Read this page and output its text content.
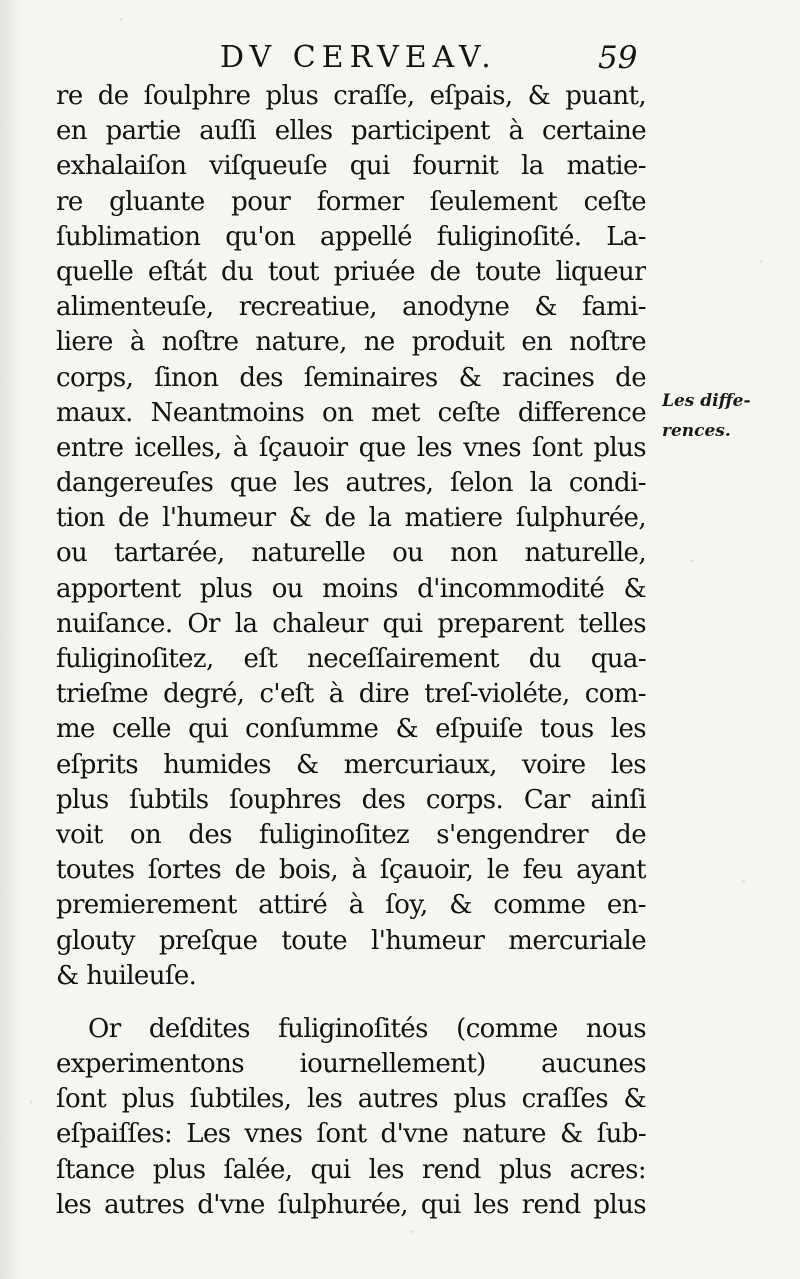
DV CERVEAV.	59
re de ſoulphre plus craſſe, eſpais, & puant,
en partie auſſi elles participent à certaine
exhalaiſon viſqueuſe qui fournit la matie-
re gluante pour former ſeulement ceſte
ſublimation qu'on appellé fuliginoſité. La-
quelle eſtát du tout priuée de toute liqueur
alimenteuſe, recreatiue, anodyne & fami-
liere à noſtre nature, ne produit en noſtre
corps, ſinon des ſeminaires & racines de
maux. Neantmoins on met ceſte difference
entre icelles, à ſçauoir que les vnes ſont plus
dangereuſes que les autres, ſelon la condi-
tion de l'humeur & de la matiere ſulphurée,
ou tartarée, naturelle ou non naturelle,
apportent plus ou moins d'incommodité &
nuiſance. Or la chaleur qui preparent telles
fuliginoſitez, eſt neceſſairement du qua-
trieſme degré, c'eſt à dire treſ-violéte, com-
me celle qui conſumme & eſpuiſe tous les
eſprits humides & mercuriaux, voire les
plus ſubtils ſouphres des corps. Car ainſi
voit on des fuliginoſitez s'engendrer de
toutes ſortes de bois, à ſçauoir, le feu ayant
premierement attiré à ſoy, & comme en-
glouty preſque toute l'humeur mercuriale
& huileuſe.
Or deſdites fuliginoſités (comme nous
experimentons iournellement) aucunes
ſont plus ſubtiles, les autres plus craſſes &
eſpaiſſes: Les vnes ſont d'vne nature & ſub-
ſtance plus ſalée, qui les rend plus acres:
les autres d'vne ſulphurée, qui les rend plus
Les diffe-
rences.
